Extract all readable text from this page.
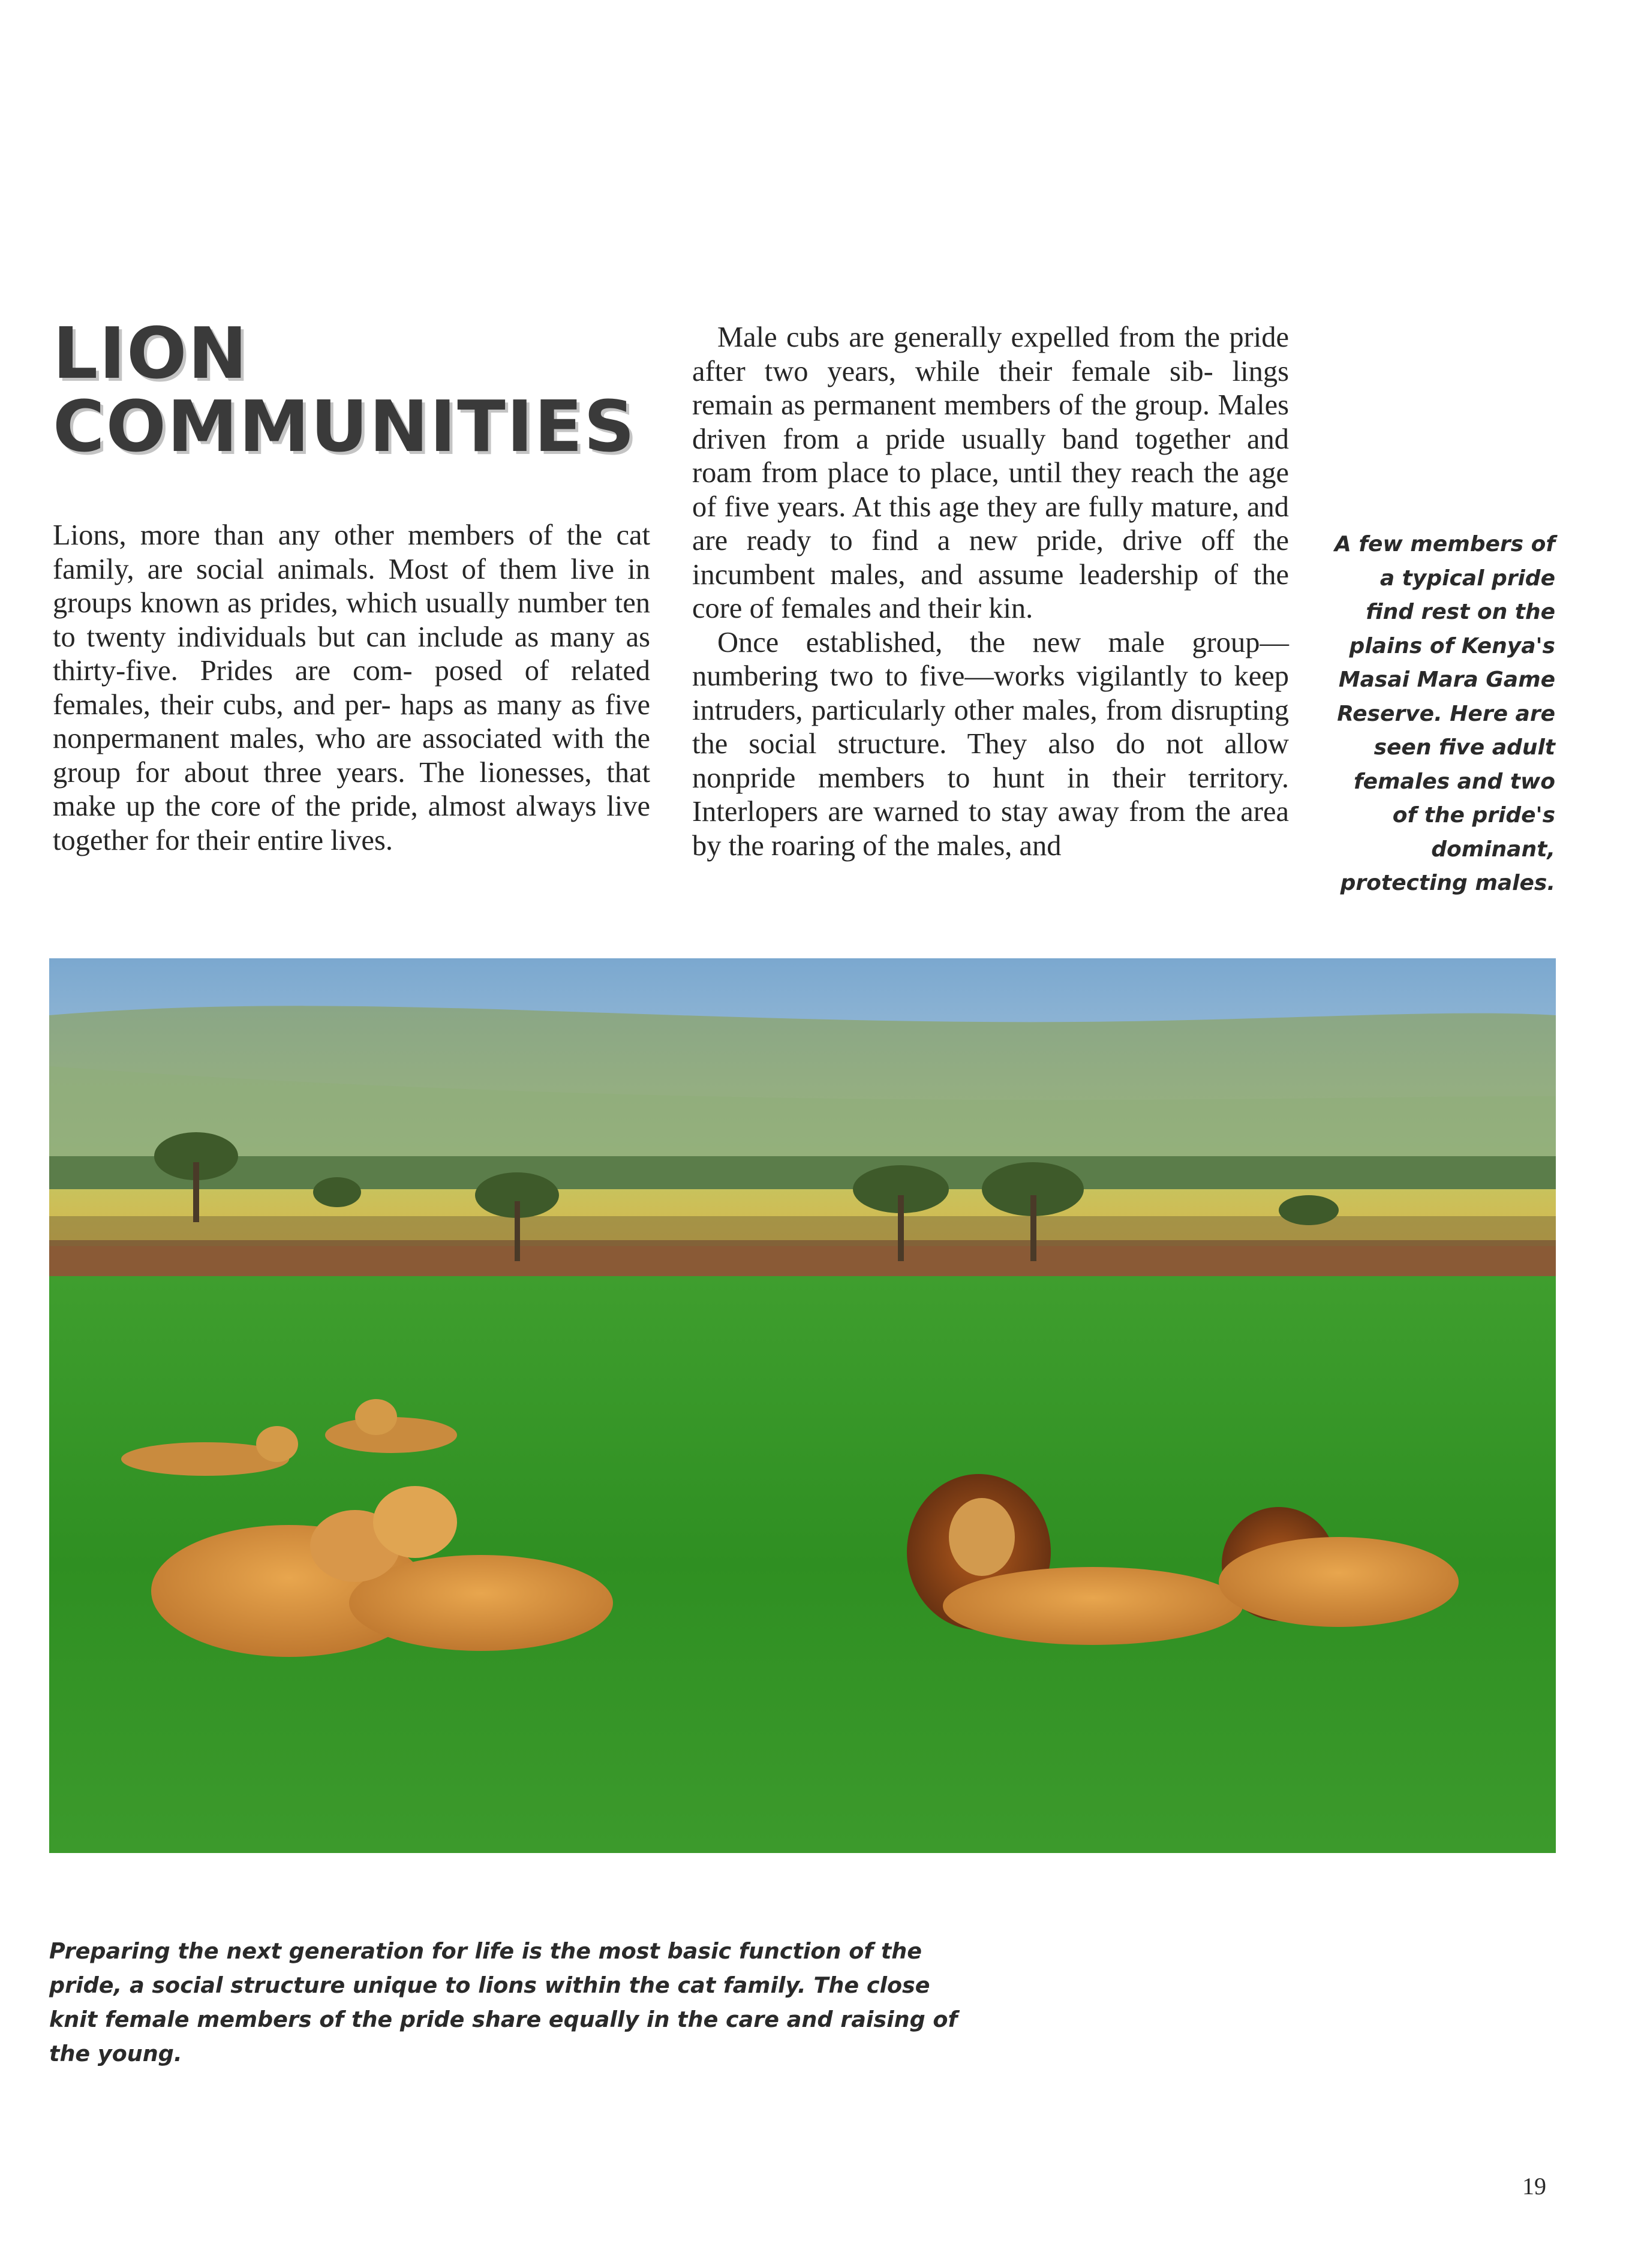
LION
COMMUNITIES

Lions, more than any other members of the cat family, are social animals. Most of them live in groups known as prides, which usually number ten to twenty individuals but can include as many as thirty-five. Prides are com- posed of related females, their cubs, and per- haps as many as five nonpermanent males, who are associated with the group for about three years. The lionesses, that make up the core of the pride, almost always live together for their entire lives.

Male cubs are generally expelled from the pride after two years, while their female sib- lings remain as permanent members of the group. Males driven from a pride usually band together and roam from place to place, until they reach the age of five years. At this age they are fully mature, and are ready to find a new pride, drive off the incumbent males, and assume leadership of the core of females and their kin.

Once established, the new male group—numbering two to five—works vigilantly to keep intruders, particularly other males, from disrupting the social structure. They also do not allow nonpride members to hunt in their territory. Interlopers are warned to stay away from the area by the roaring of the males, and

A few members of a typical pride find rest on the plains of Kenya's Masai Mara Game Reserve. Here are seen five adult females and two of the pride's dominant, protecting males.
Preparing the next generation for life is the most basic function of the pride, a social structure unique to lions within the cat family. The close knit female members of the pride share equally in the care and raising of the young.
19
